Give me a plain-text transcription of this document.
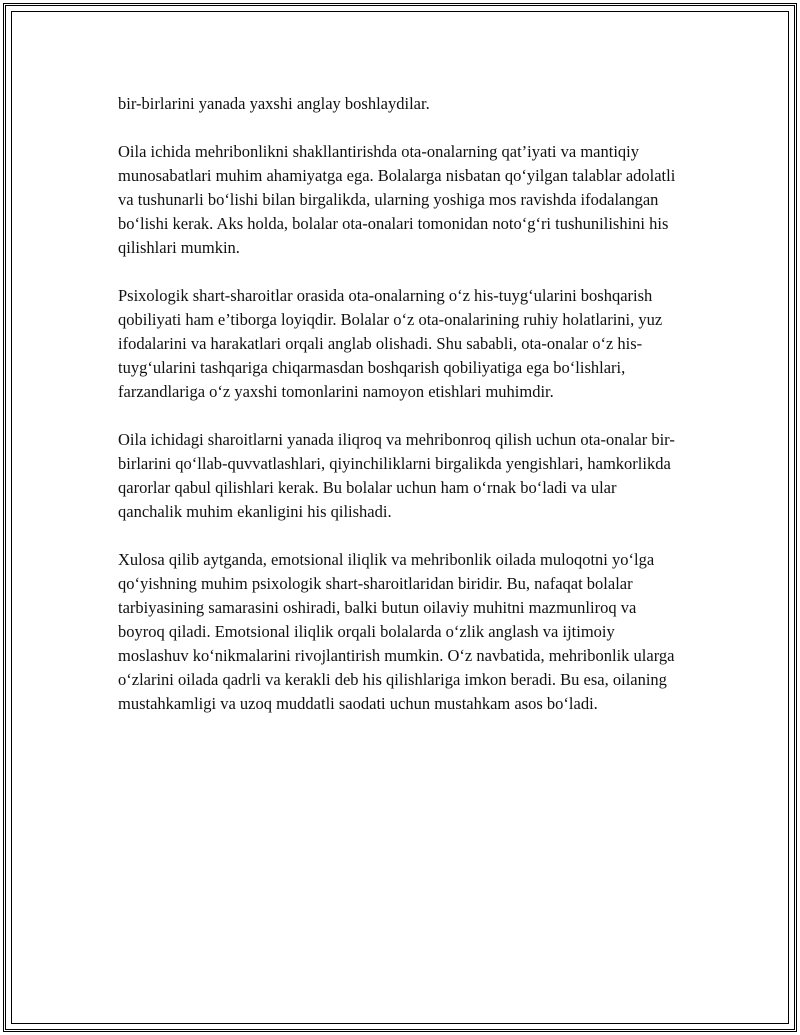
bir-birlarini yanada yaxshi anglay boshlaydilar.

Oila ichida mehribonlikni shakllantirishda ota-onalarning qat’iyati va mantiqiy munosabatlari muhim ahamiyatga ega. Bolalarga nisbatan qo‘yilgan talablar adolatli va tushunarli bo‘lishi bilan birgalikda, ularning yoshiga mos ravishda ifodalangan bo‘lishi kerak. Aks holda, bolalar ota-onalari tomonidan noto‘g‘ri tushunilishini his qilishlari mumkin.

Psixologik shart-sharoitlar orasida ota-onalarning o‘z his-tuyg‘ularini boshqarish qobiliyati ham e’tiborga loyiqdir. Bolalar o‘z ota-onalarining ruhiy holatlarini, yuz ifodalarini va harakatlari orqali anglab olishadi. Shu sababli, ota-onalar o‘z his-tuyg‘ularini tashqariga chiqarmasdan boshqarish qobiliyatiga ega bo‘lishlari, farzandlariga o‘z yaxshi tomonlarini namoyon etishlari muhimdir.

Oila ichidagi sharoitlarni yanada iliqroq va mehribonroq qilish uchun ota-onalar bir-birlarini qo‘llab-quvvatlashlari, qiyinchiliklarni birgalikda yengishlari, hamkorlikda qarorlar qabul qilishlari kerak. Bu bolalar uchun ham o‘rnak bo‘ladi va ular qanchalik muhim ekanligini his qilishadi.

Xulosa qilib aytganda, emotsional iliqlik va mehribonlik oilada muloqotni yo‘lga qo‘yishning muhim psixologik shart-sharoitlaridan biridir. Bu, nafaqat bolalar tarbiyasining samarasini oshiradi, balki butun oilaviy muhitni mazmunliroq va boyroq qiladi. Emotsional iliqlik orqali bolalarda o‘zlik anglash va ijtimoiy moslashuv ko‘nikmalarini rivojlantirish mumkin. O‘z navbatida, mehribonlik ularga o‘zlarini oilada qadrli va kerakli deb his qilishlariga imkon beradi. Bu esa, oilaning mustahkamligi va uzoq muddatli saodati uchun mustahkam asos bo‘ladi.
